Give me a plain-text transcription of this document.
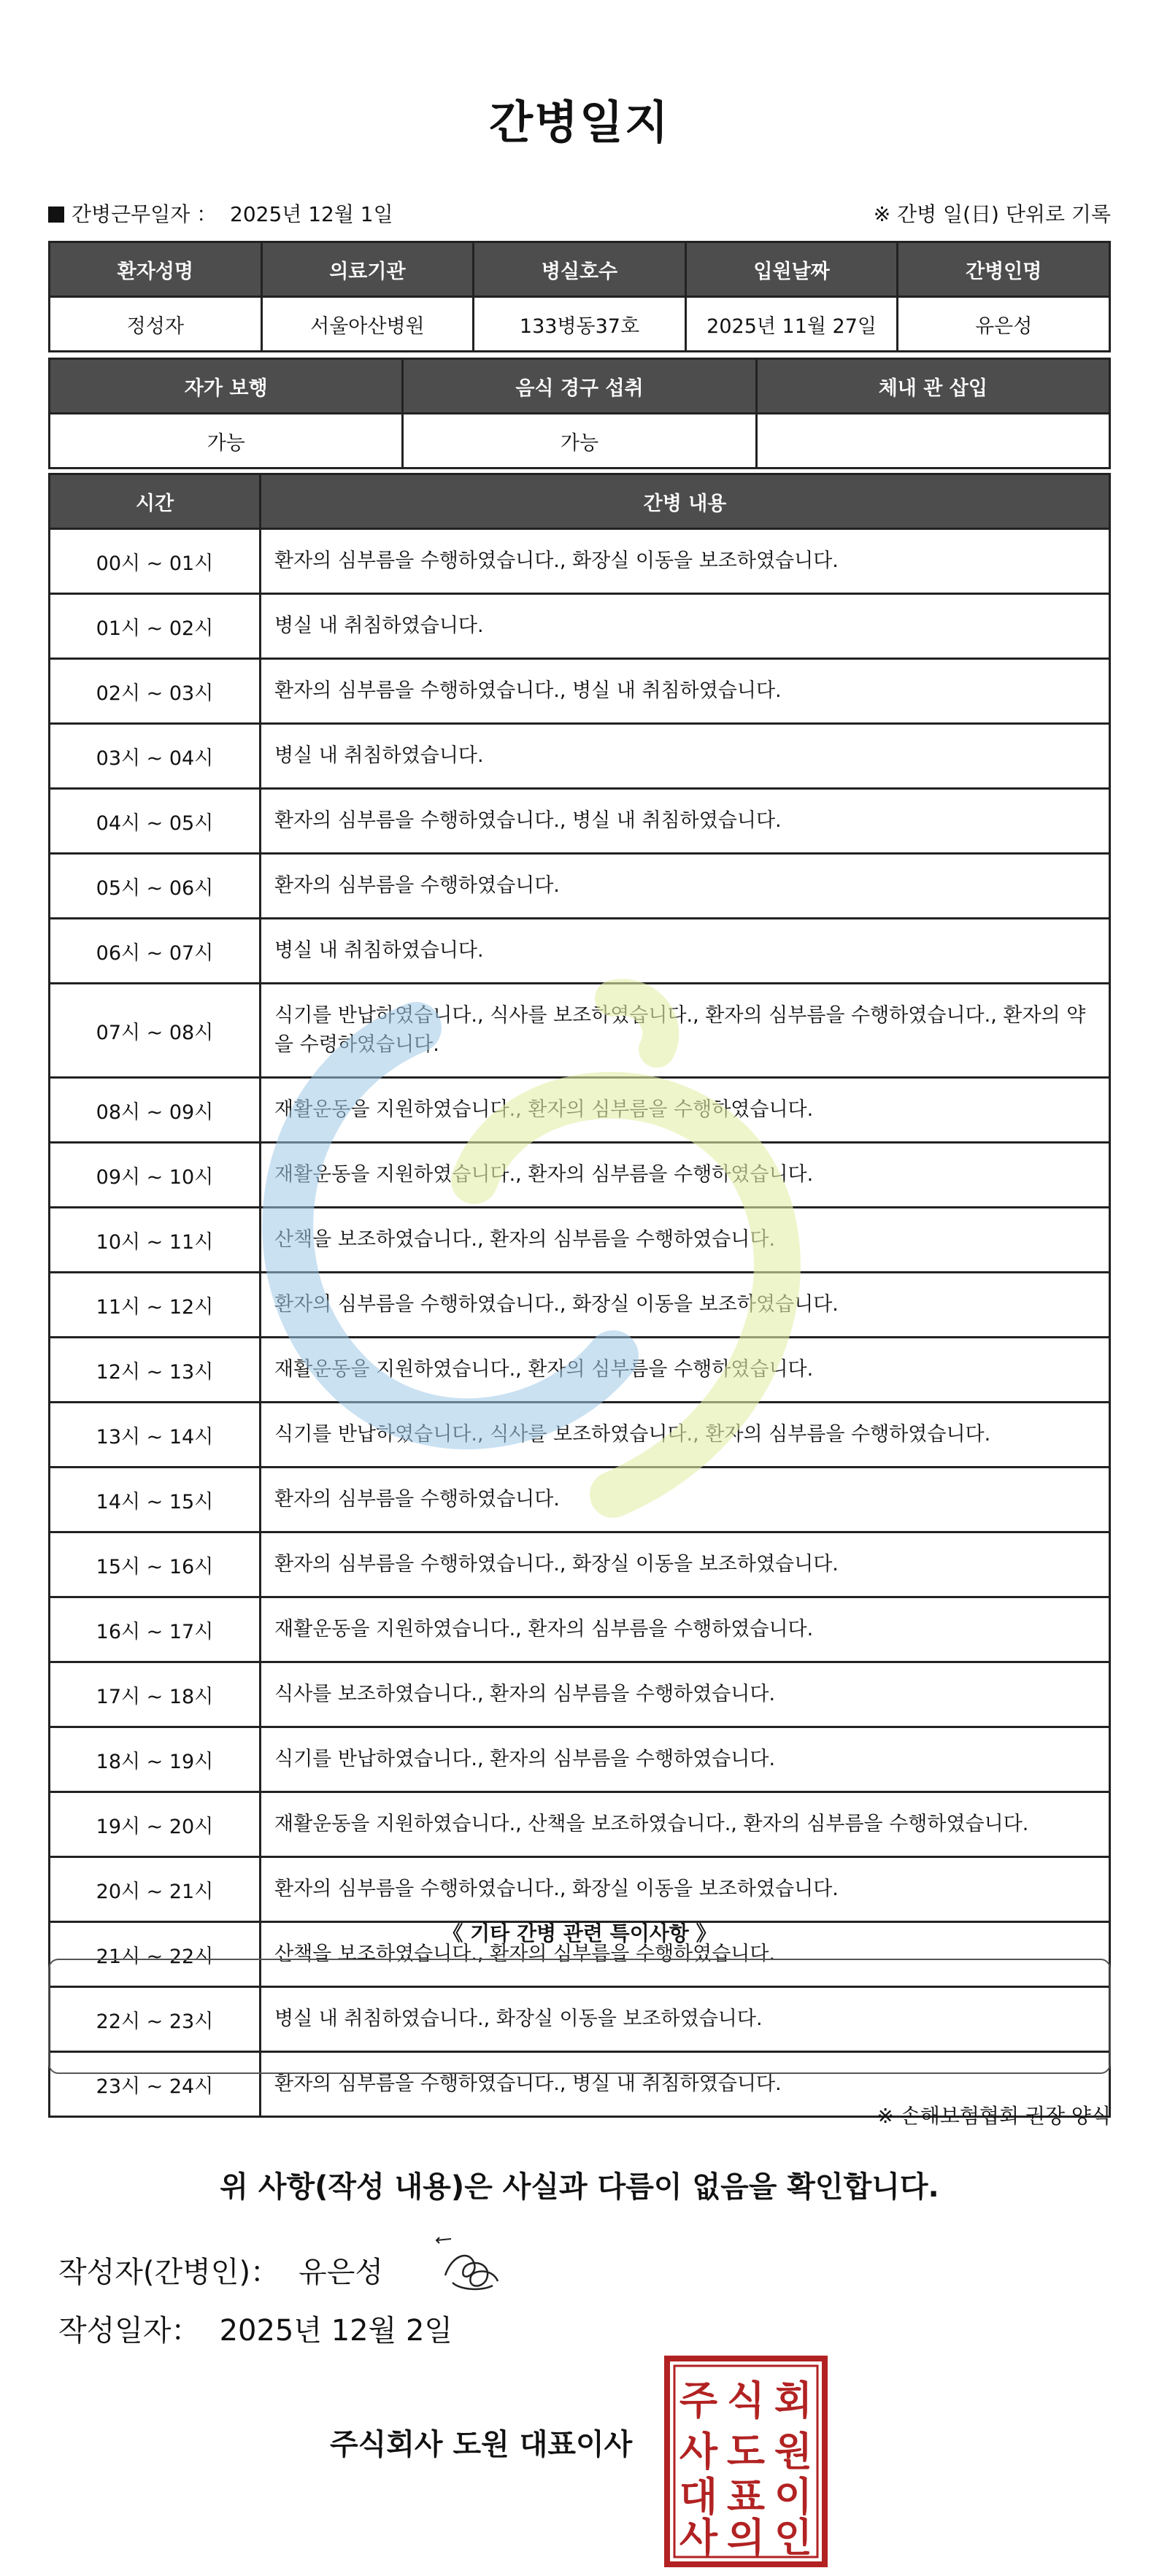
간병일지
간병근무일자 ： 2025년 12월 1일	※ 간병 일(日) 단위로 기록
환자성명	의료기관	병실호수	입원날짜	간병인명
정성자	서울아산병원	133병동37호	2025년 11월 27일	유은성
자가 보행	음식 경구 섭취	체내 관 삽입
가능	가능	
시간	간병 내용
00시 ~ 01시	환자의 심부름을 수행하였습니다., 화장실 이동을 보조하였습니다.
01시 ~ 02시	병실 내 취침하였습니다.
02시 ~ 03시	환자의 심부름을 수행하였습니다., 병실 내 취침하였습니다.
03시 ~ 04시	병실 내 취침하였습니다.
04시 ~ 05시	환자의 심부름을 수행하였습니다., 병실 내 취침하였습니다.
05시 ~ 06시	환자의 심부름을 수행하였습니다.
06시 ~ 07시	병실 내 취침하였습니다.
07시 ~ 08시	식기를 반납하였습니다., 식사를 보조하였습니다., 환자의 심부름을 수행하였습니다., 환자의 약을 수령하였습니다.
08시 ~ 09시	재활운동을 지원하였습니다., 환자의 심부름을 수행하였습니다.
09시 ~ 10시	재활운동을 지원하였습니다., 환자의 심부름을 수행하였습니다.
10시 ~ 11시	산책을 보조하였습니다., 환자의 심부름을 수행하였습니다.
11시 ~ 12시	환자의 심부름을 수행하였습니다., 화장실 이동을 보조하였습니다.
12시 ~ 13시	재활운동을 지원하였습니다., 환자의 심부름을 수행하였습니다.
13시 ~ 14시	식기를 반납하였습니다., 식사를 보조하였습니다., 환자의 심부름을 수행하였습니다.
14시 ~ 15시	환자의 심부름을 수행하였습니다.
15시 ~ 16시	환자의 심부름을 수행하였습니다., 화장실 이동을 보조하였습니다.
16시 ~ 17시	재활운동을 지원하였습니다., 환자의 심부름을 수행하였습니다.
17시 ~ 18시	식사를 보조하였습니다., 환자의 심부름을 수행하였습니다.
18시 ~ 19시	식기를 반납하였습니다., 환자의 심부름을 수행하였습니다.
19시 ~ 20시	재활운동을 지원하였습니다., 산책을 보조하였습니다., 환자의 심부름을 수행하였습니다.
20시 ~ 21시	환자의 심부름을 수행하였습니다., 화장실 이동을 보조하였습니다.
21시 ~ 22시	산책을 보조하였습니다., 환자의 심부름을 수행하였습니다.
22시 ~ 23시	병실 내 취침하였습니다., 화장실 이동을 보조하였습니다.
23시 ~ 24시	환자의 심부름을 수행하였습니다., 병실 내 취침하였습니다.
《 기타 간병 관련 특이사항 》
※ 손해보험협회 권장 양식
위 사항(작성 내용)은 사실과 다름이 없음을 확인합니다.
작성자(간병인)： 유은성
작성일자： 2025년 12월 2일
주식회사 도원 대표이사
주 식 회
사 도 원
대 표 이
사 의 인
